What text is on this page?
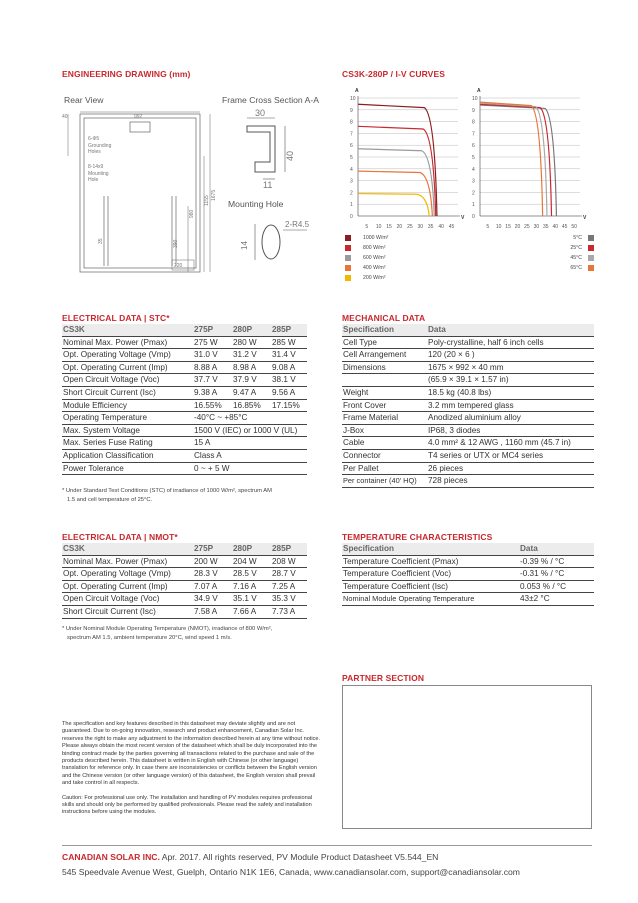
ENGINEERING DRAWING (mm)
Rear View	Frame Cross Section A-A
Mounting Hole
992
40
6-Φ5
Grounding
Holes
8-14x9
Mounting
Hole
220
1675
1155
980
390
35
30
40
11
2-R4.5
14
CS3K-280P / I-V CURVES
A
10
9
8
7
6
5
4
3
2
1
0
5 10 15 20 25 30 35 40 45
V
A
10
9
8
7
6
5
4
3
2
1
0
5 10 15 20 25 30 35 40 45 50
V
1000 W/m²
800 W/m²
600 W/m²
400 W/m²
200 W/m²
5°C
25°C
45°C
65°C
ELECTRICAL DATA | STC*
CS3K	275P	280P	285P
Nominal Max. Power (Pmax)	275 W	280 W	285 W
Opt. Operating Voltage (Vmp)	31.0 V	31.2 V	31.4 V
Opt. Operating Current (Imp)	8.88 A	8.98 A	9.08 A
Open Circuit Voltage (Voc)	37.7 V	37.9 V	38.1 V
Short Circuit Current (Isc)	9.38 A	9.47 A	9.56 A
Module Efficiency	16.55%	16.85%	17.15%
Operating Temperature	-40°C ~ +85°C		
Max. System Voltage	1500 V (IEC) or 1000 V (UL)		
Max. Series Fuse Rating	15 A		
Application Classification	Class A		
Power Tolerance	0 ~ + 5 W		
* Under Standard Test Conditions (STC) of irradiance of 1000 W/m², spectrum AM
1.5 and cell temperature of 25°C.
MECHANICAL DATA
Specification	Data
Cell Type	Poly-crystalline, half 6 inch cells
Cell Arrangement	120 (20 × 6 )
Dimensions	1675 × 992 × 40 mm
	(65.9 × 39.1 × 1.57 in)
Weight	18.5 kg (40.8 lbs)
Front Cover	3.2 mm tempered glass
Frame Material	Anodized aluminium alloy
J-Box	IP68, 3 diodes
Cable	4.0 mm² & 12 AWG , 1160 mm (45.7 in)
Connector	T4 series or UTX or MC4 series
Per Pallet	26 pieces
Per container (40' HQ)	728 pieces
ELECTRICAL DATA | NMOT*
CS3K	275P	280P	285P
Nominal Max. Power (Pmax)	200 W	204 W	208 W
Opt. Operating Voltage (Vmp)	28.3 V	28.5 V	28.7 V
Opt. Operating Current (Imp)	7.07 A	7.16 A	7.25 A
Open Circuit Voltage (Voc)	34.9 V	35.1 V	35.3 V
Short Circuit Current (Isc)	7.58 A	7.66 A	7.73 A
* Under Nominal Module Operating Temperature (NMOT), irradiance of 800 W/m²,
spectrum AM 1.5, ambient temperature 20°C, wind speed 1 m/s.
TEMPERATURE CHARACTERISTICS
Specification	Data
Temperature Coefficient (Pmax)	-0.39 % / °C
Temperature Coefficient (Voc)	-0.31 % / °C
Temperature Coefficient (Isc)	0.053 % / °C
Nominal Module Operating Temperature	43±2 °C
PARTNER SECTION
The specification and key features described in this datasheet may deviate slightly and are not guaranteed. Due to on-going innovation, research and product enhancement, Canadian Solar Inc. reserves the right to make any adjustment to the information described herein at any time without notice. Please always obtain the most recent version of the datasheet which shall be duly incorporated into the binding contract made by the parties governing all transactions related to the purchase and sale of the products described herein. This datasheet is written in English with Chinese (or other language) translation for reference only. In case there are inconsistencies or conflicts between the English version and the Chinese version (or other language version) of this datasheet, the English version shall prevail and take control in all respects.
Caution: For professional use only. The installation and handling of PV modules requires professional skills and should only be performed by qualified professionals. Please read the safety and installation instructions before using the modules.
CANADIAN SOLAR INC. Apr. 2017. All rights reserved, PV Module Product Datasheet V5.544_EN
545 Speedvale Avenue West, Guelph, Ontario N1K 1E6, Canada, www.canadiansolar.com, support@canadiansolar.com
